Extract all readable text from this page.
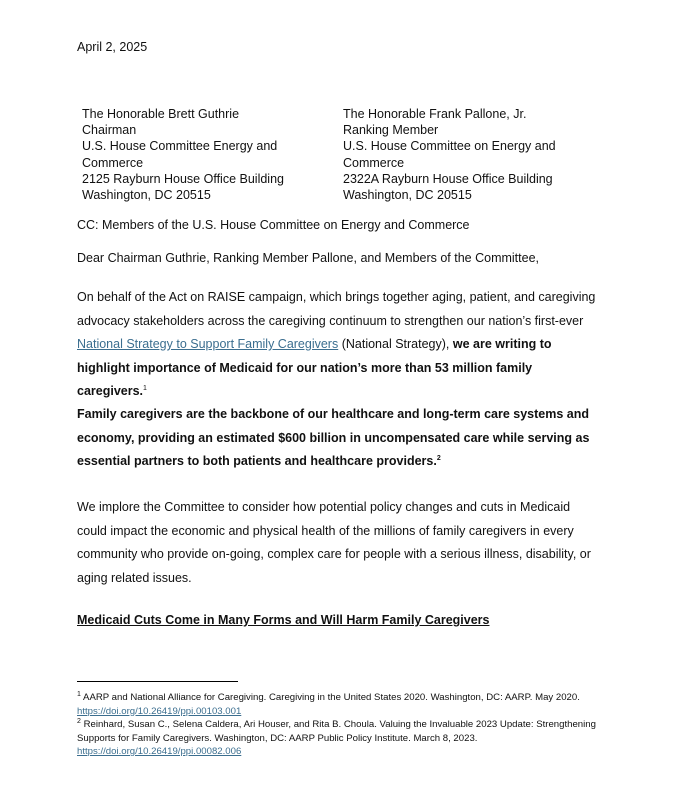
April 2, 2025
The Honorable Brett Guthrie
Chairman
U.S. House Committee Energy and
Commerce
2125 Rayburn House Office Building
Washington, DC 20515
The Honorable Frank Pallone, Jr.
Ranking Member
U.S. House Committee on Energy and
Commerce
2322A Rayburn House Office Building
Washington, DC 20515
CC: Members of the U.S. House Committee on Energy and Commerce
Dear Chairman Guthrie, Ranking Member Pallone, and Members of the Committee,
On behalf of the Act on RAISE campaign, which brings together aging, patient, and caregiving advocacy stakeholders across the caregiving continuum to strengthen our nation’s first-ever National Strategy to Support Family Caregivers (National Strategy), we are writing to highlight importance of Medicaid for our nation’s more than 53 million family caregivers.$^1$
Family caregivers are the backbone of our healthcare and long-term care systems and economy, providing an estimated $600 billion in uncompensated care while serving as essential partners to both patients and healthcare providers.$^2$
We implore the Committee to consider how potential policy changes and cuts in Medicaid could impact the economic and physical health of the millions of family caregivers in every community who provide on-going, complex care for people with a serious illness, disability, or aging related issues.
Medicaid Cuts Come in Many Forms and Will Harm Family Caregivers
$^1$ AARP and National Alliance for Caregiving. Caregiving in the United States 2020. Washington, DC: AARP. May 2020. https://doi.org/10.26419/ppi.00103.001
$^2$ Reinhard, Susan C., Selena Caldera, Ari Houser, and Rita B. Choula. Valuing the Invaluable 2023 Update: Strengthening Supports for Family Caregivers. Washington, DC: AARP Public Policy Institute. March 8, 2023.
https://doi.org/10.26419/ppi.00082.006
